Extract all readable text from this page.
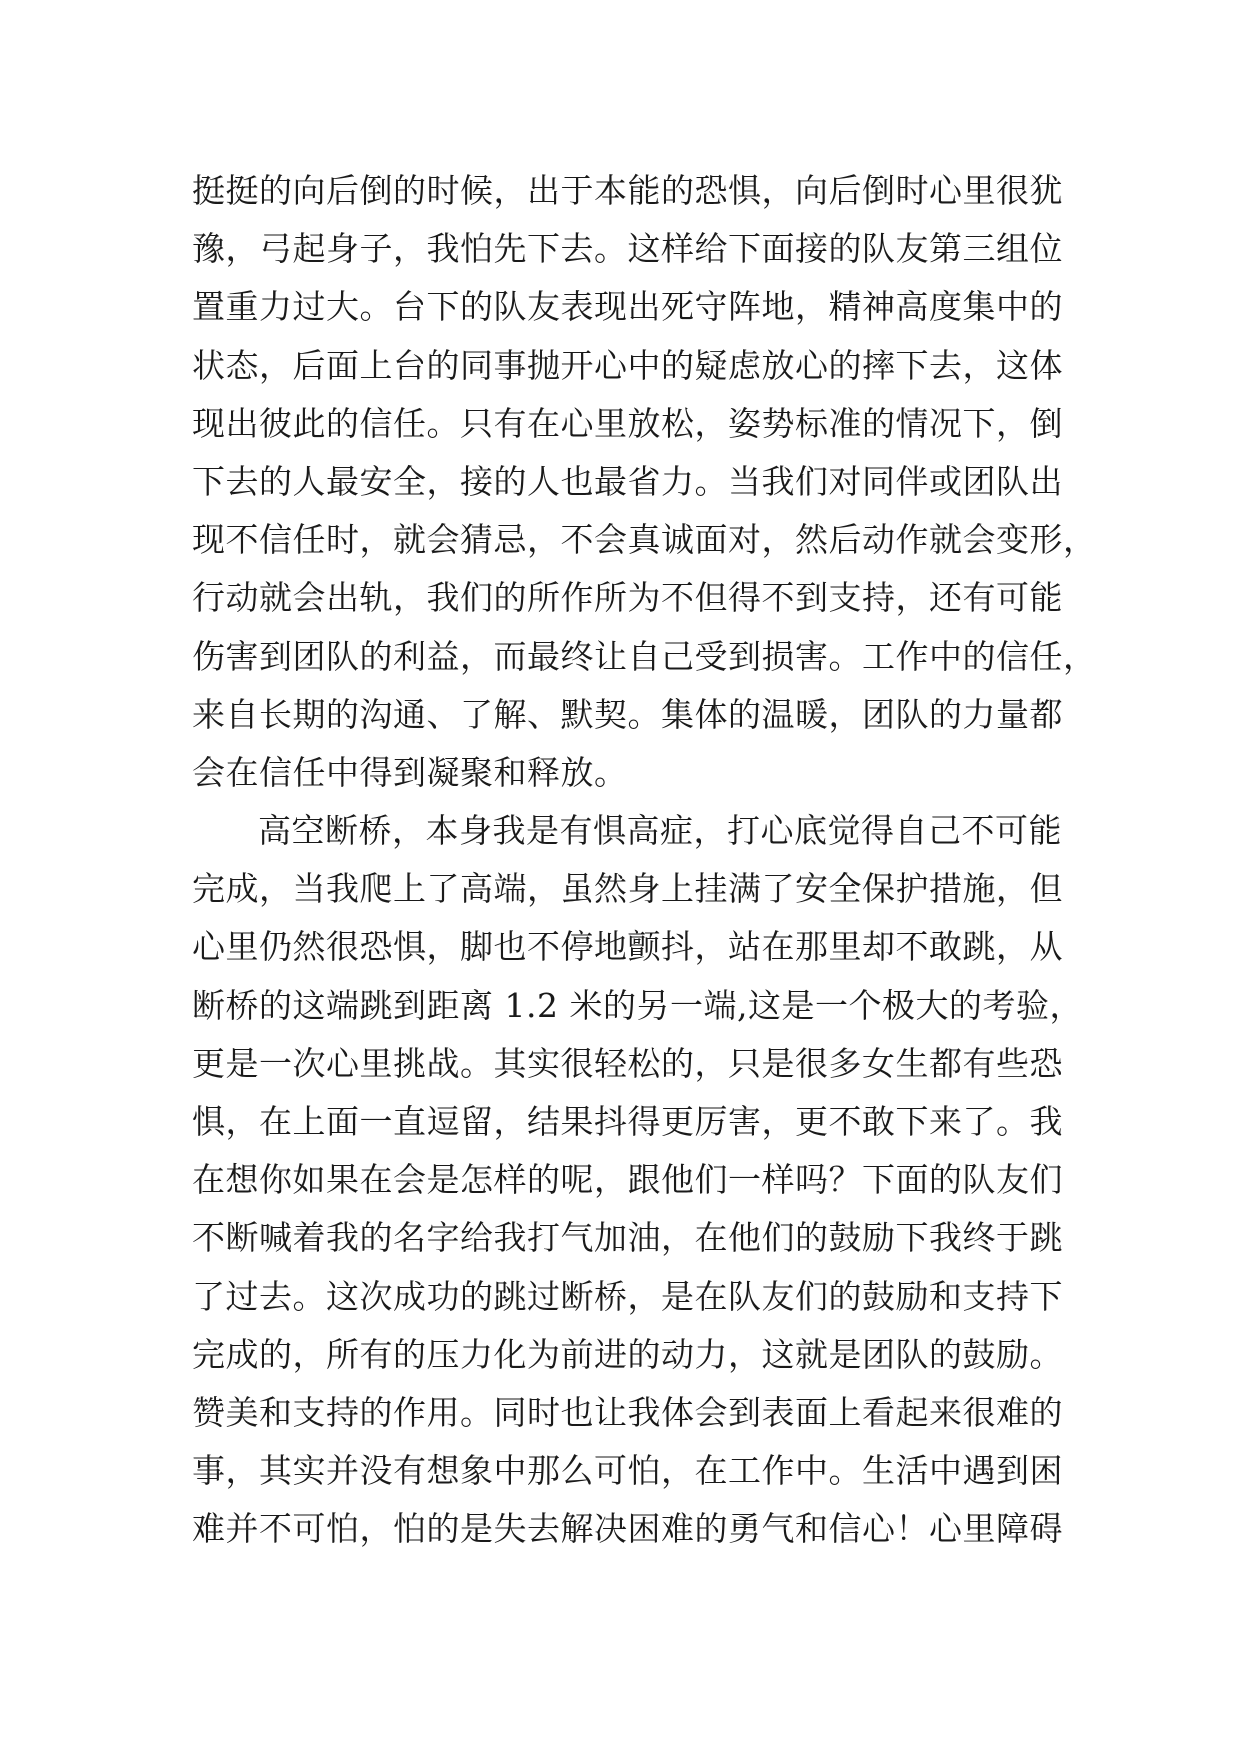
挺挺的向后倒的时候，出于本能的恐惧，向后倒时心里很犹
豫，弓起身子，我怕先下去。这样给下面接的队友第三组位
置重力过大。台下的队友表现出死守阵地，精神高度集中的
状态，后面上台的同事抛开心中的疑虑放心的摔下去，这体
现出彼此的信任。只有在心里放松，姿势标准的情况下，倒
下去的人最安全，接的人也最省力。当我们对同伴或团队出
现不信任时，就会猜忌，不会真诚面对，然后动作就会变形，
行动就会出轨，我们的所作所为不但得不到支持，还有可能
伤害到团队的利益，而最终让自己受到损害。工作中的信任，
来自长期的沟通、了解、默契。集体的温暖，团队的力量都
会在信任中得到凝聚和释放。
高空断桥，本身我是有惧高症，打心底觉得自己不可能
完成，当我爬上了高端，虽然身上挂满了安全保护措施，但
心里仍然很恐惧，脚也不停地颤抖，站在那里却不敢跳，从
断桥的这端跳到距离 1.2 米的另一端,这是一个极大的考验，
更是一次心里挑战。其实很轻松的，只是很多女生都有些恐
惧，在上面一直逗留，结果抖得更厉害，更不敢下来了。我
在想你如果在会是怎样的呢，跟他们一样吗？下面的队友们
不断喊着我的名字给我打气加油，在他们的鼓励下我终于跳
了过去。这次成功的跳过断桥，是在队友们的鼓励和支持下
完成的，所有的压力化为前进的动力，这就是团队的鼓励。
赞美和支持的作用。同时也让我体会到表面上看起来很难的
事，其实并没有想象中那么可怕，在工作中。生活中遇到困
难并不可怕，怕的是失去解决困难的勇气和信心！心里障碍
